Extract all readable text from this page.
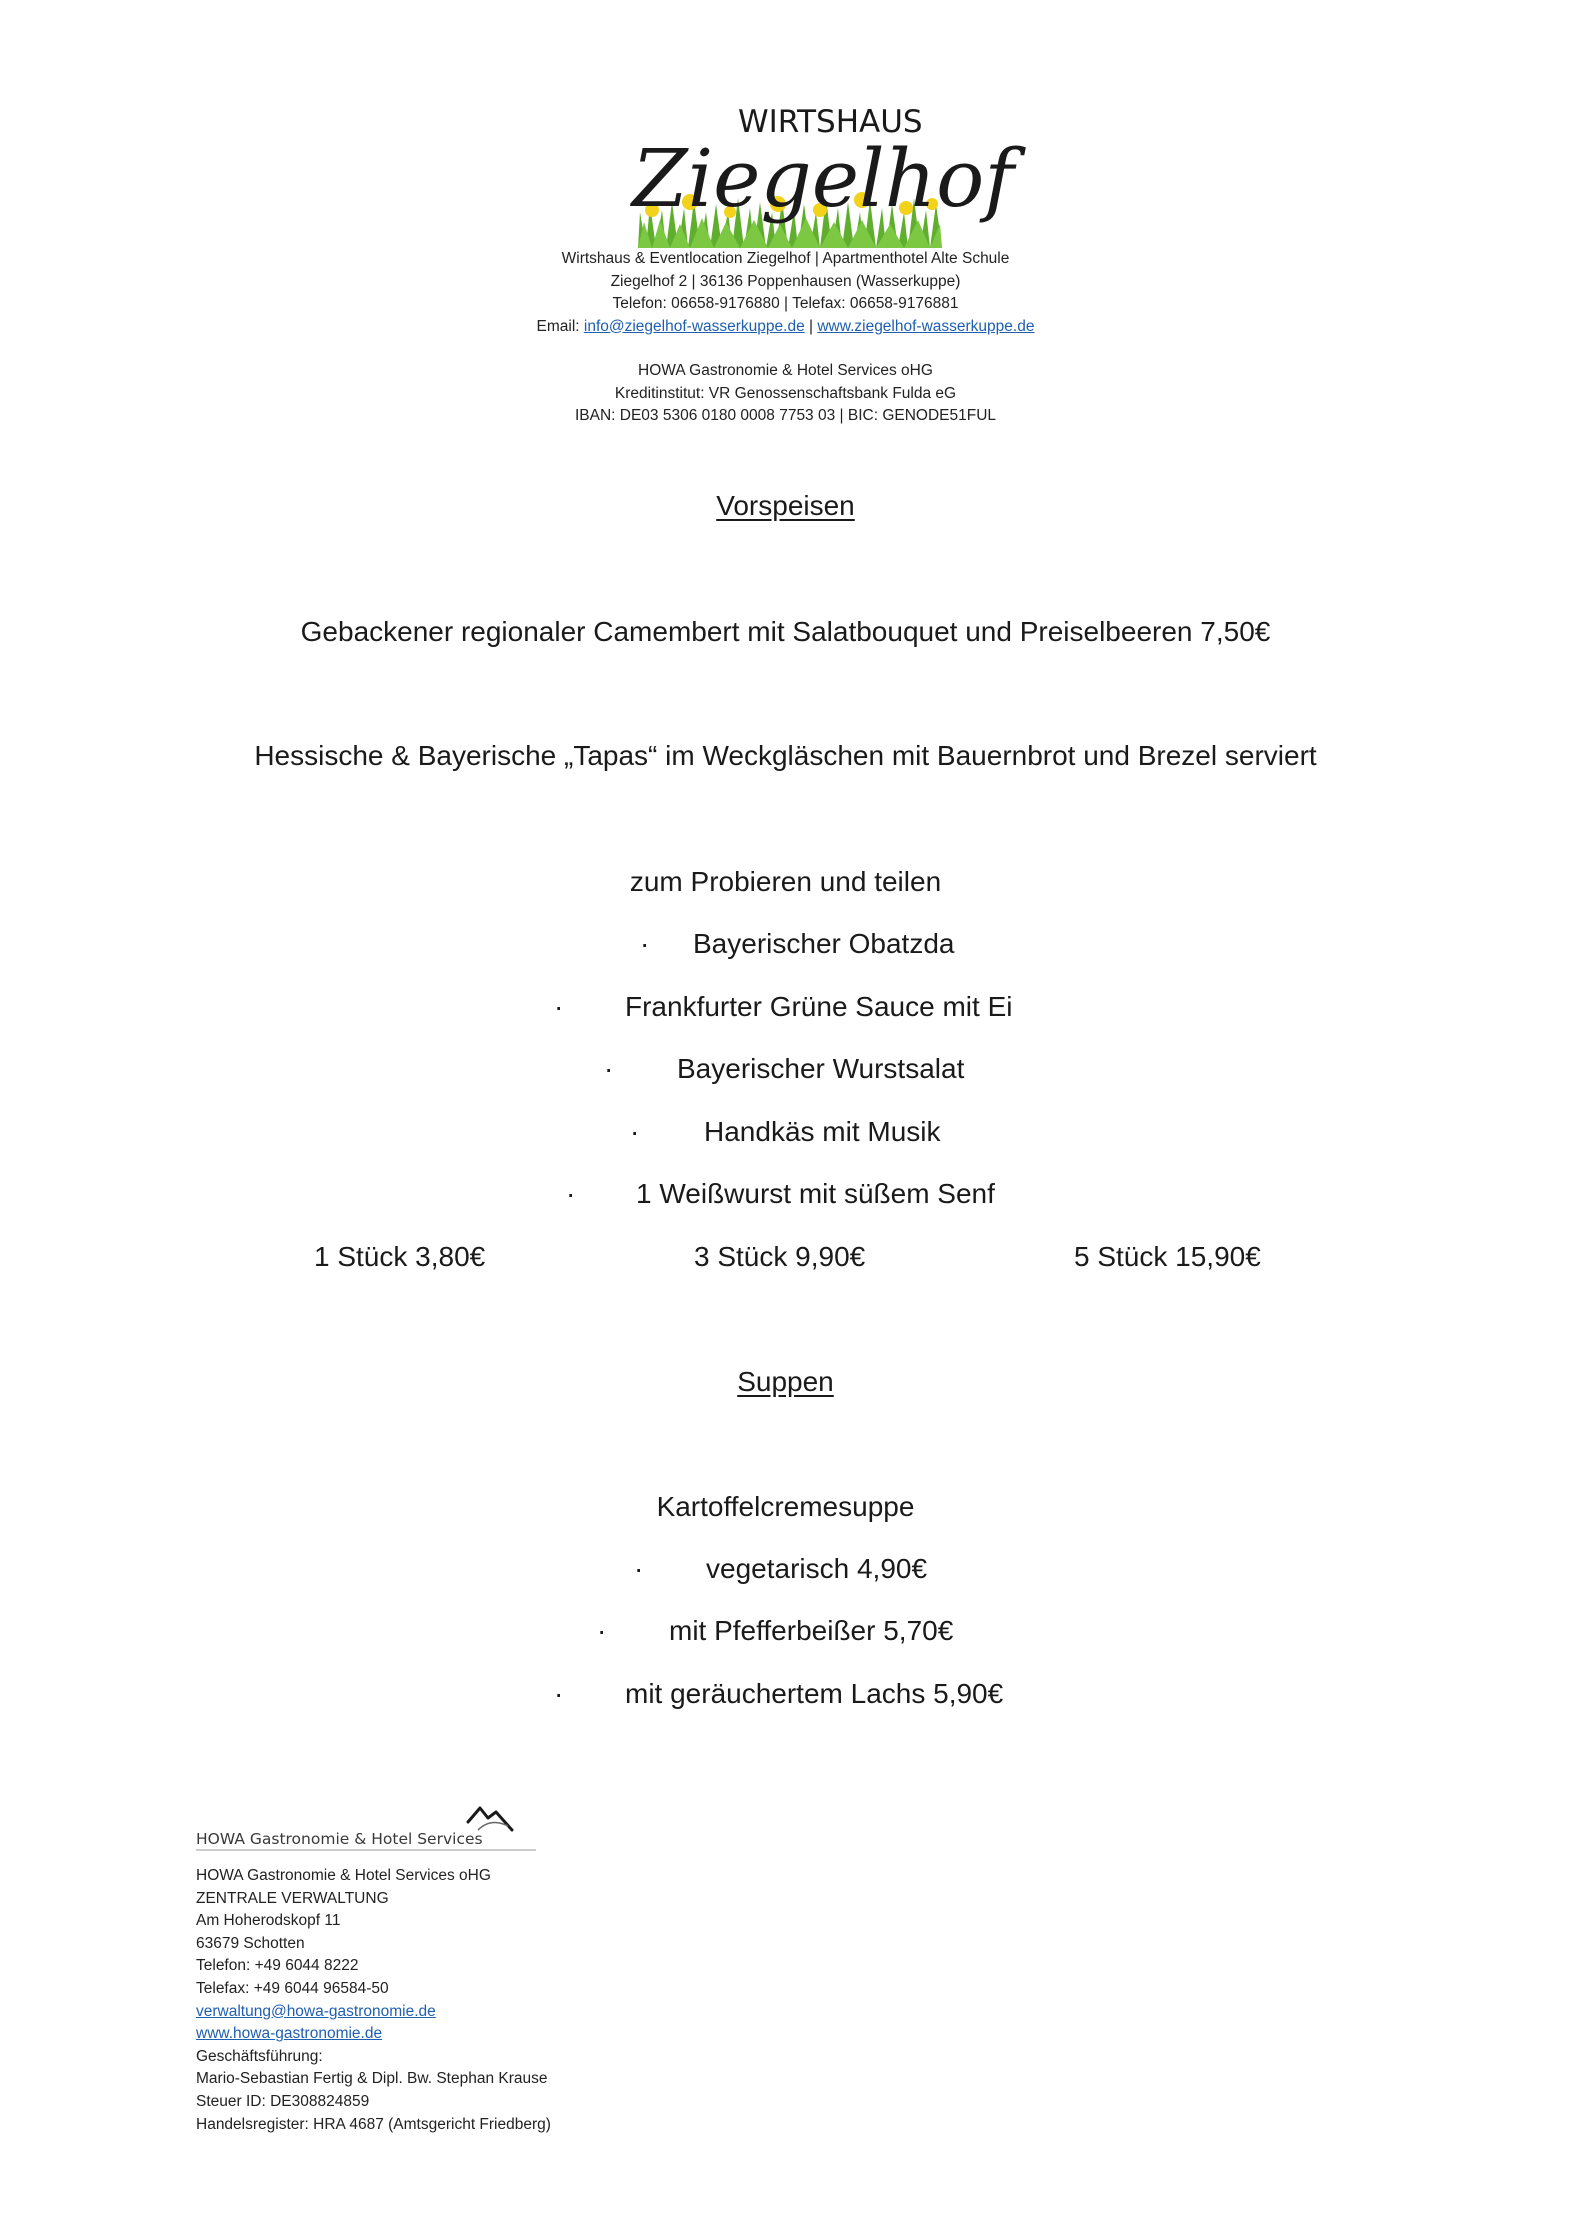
WIRTSHAUS
Ziegelhof
Wirtshaus & Eventlocation Ziegelhof | Apartmenthotel Alte Schule
Ziegelhof 2 | 36136 Poppenhausen (Wasserkuppe)
Telefon: 06658-9176880 | Telefax: 06658-9176881
Email: info@ziegelhof-wasserkuppe.de | www.ziegelhof-wasserkuppe.de
HOWA Gastronomie & Hotel Services oHG
Kreditinstitut: VR Genossenschaftsbank Fulda eG
IBAN: DE03 5306 0180 0008 7753 03 | BIC: GENODE51FUL
Vorspeisen
Gebackener regionaler Camembert mit Salatbouquet und Preiselbeeren 7,50€
Hessische & Bayerische „Tapas“ im Weckgläschen mit Bauernbrot und Brezel serviert
zum Probieren und teilen
· Bayerischer Obatzda
· Frankfurter Grüne Sauce mit Ei
· Bayerischer Wurstsalat
· Handkäs mit Musik
· 1 Weißwurst mit süßem Senf
1 Stück 3,80€	3 Stück 9,90€	5 Stück 15,90€
Suppen
Kartoffelcremesuppe
· vegetarisch 4,90€
· mit Pfefferbeißer 5,70€
· mit geräuchertem Lachs 5,90€
HOWA Gastronomie & Hotel Services
HOWA Gastronomie & Hotel Services oHG
ZENTRALE VERWALTUNG
Am Hoherodskopf 11
63679 Schotten
Telefon: +49 6044 8222
Telefax: +49 6044 96584-50
verwaltung@howa-gastronomie.de
www.howa-gastronomie.de
Geschäftsführung:
Mario-Sebastian Fertig & Dipl. Bw. Stephan Krause
Steuer ID: DE308824859
Handelsregister: HRA 4687 (Amtsgericht Friedberg)
